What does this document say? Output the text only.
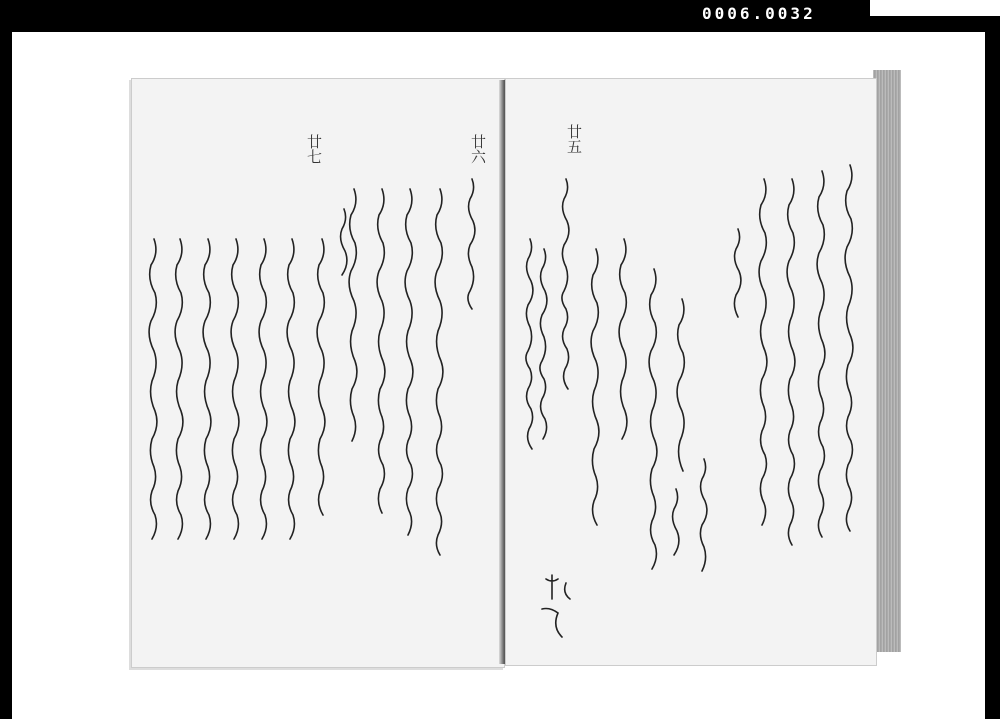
0006.0032
廿六
廿七	廿五
